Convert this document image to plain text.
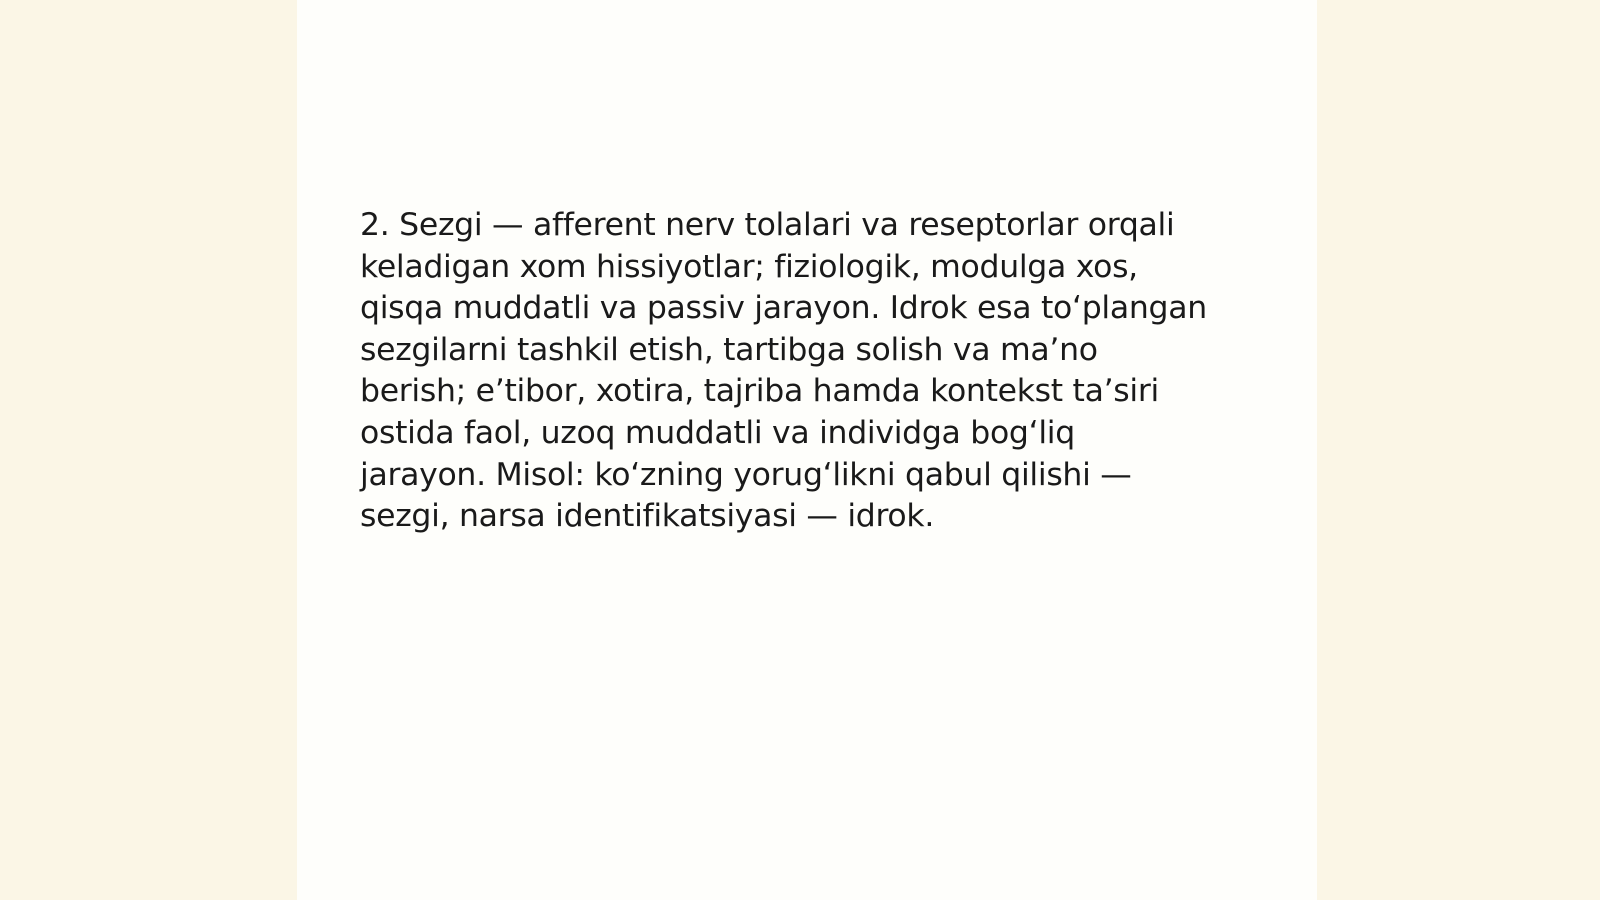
2. Sezgi — afferent nerv tolalari va reseptorlar orqali
keladigan xom hissiyotlar; fiziologik, modulga xos,
qisqa muddatli va passiv jarayon. Idrok esa to‘plangan
sezgilarni tashkil etish, tartibga solish va ma’no
berish; e’tibor, xotira, tajriba hamda kontekst ta’siri
ostida faol, uzoq muddatli va individga bog‘liq
jarayon. Misol: ko‘zning yorug‘likni qabul qilishi —
sezgi, narsa identifikatsiyasi — idrok.
